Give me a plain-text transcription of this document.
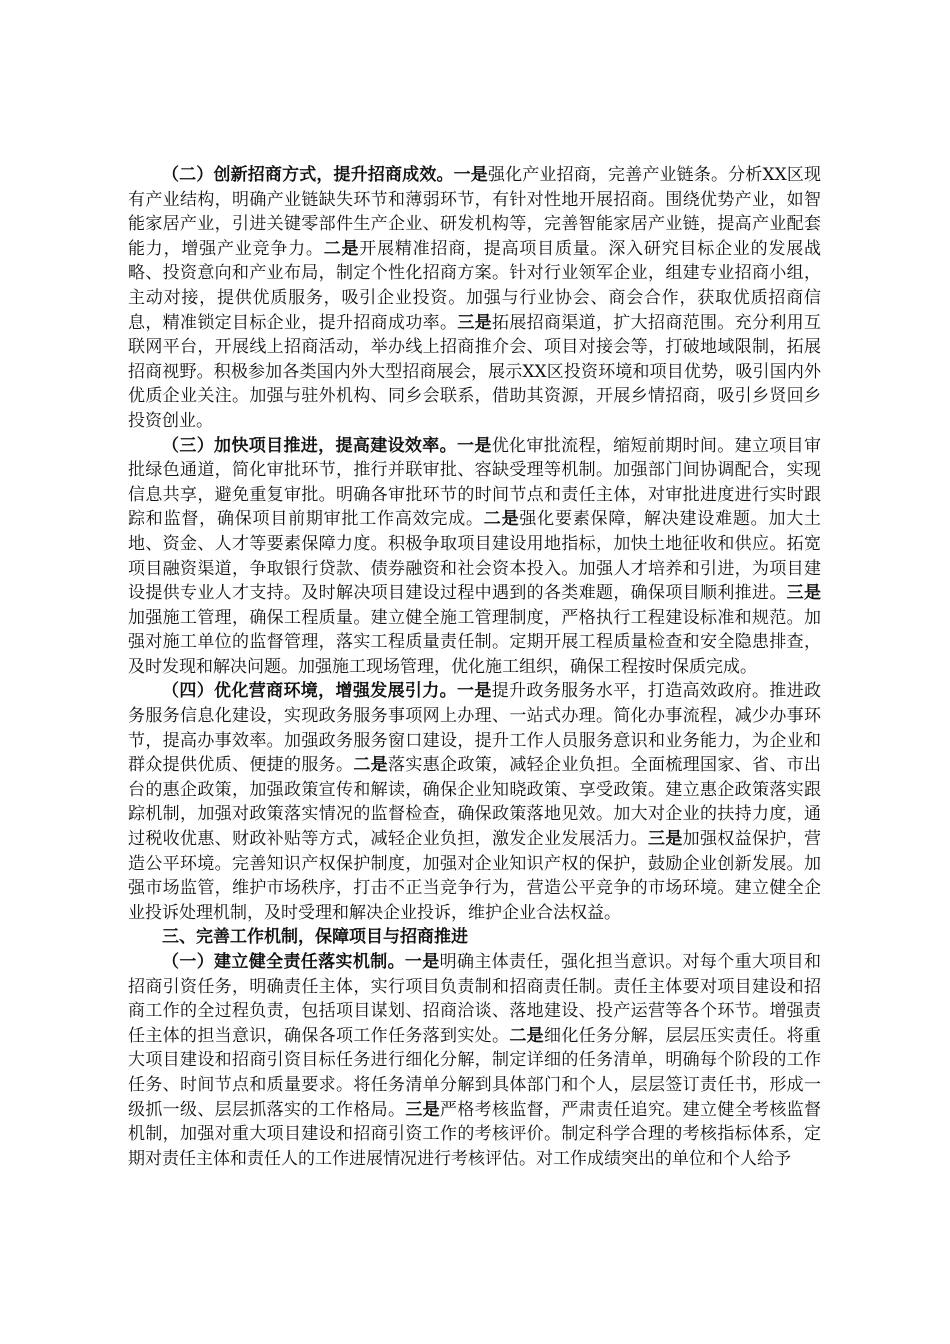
（二）创新招商方式，提升招商成效。一是强化产业招商，完善产业链条。分析XX区现有产业结构，明确产业链缺失环节和薄弱环节，有针对性地开展招商。围绕优势产业，如智能家居产业，引进关键零部件生产企业、研发机构等，完善智能家居产业链，提高产业配套能力，增强产业竞争力。二是开展精准招商，提高项目质量。深入研究目标企业的发展战略、投资意向和产业布局，制定个性化招商方案。针对行业领军企业，组建专业招商小组，主动对接，提供优质服务，吸引企业投资。加强与行业协会、商会合作，获取优质招商信息，精准锁定目标企业，提升招商成功率。三是拓展招商渠道，扩大招商范围。充分利用互联网平台，开展线上招商活动，举办线上招商推介会、项目对接会等，打破地域限制，拓展招商视野。积极参加各类国内外大型招商展会，展示XX区投资环境和项目优势，吸引国内外优质企业关注。加强与驻外机构、同乡会联系，借助其资源，开展乡情招商，吸引乡贤回乡投资创业。

（三）加快项目推进，提高建设效率。一是优化审批流程，缩短前期时间。建立项目审批绿色通道，简化审批环节，推行并联审批、容缺受理等机制。加强部门间协调配合，实现信息共享，避免重复审批。明确各审批环节的时间节点和责任主体，对审批进度进行实时跟踪和监督，确保项目前期审批工作高效完成。二是强化要素保障，解决建设难题。加大土地、资金、人才等要素保障力度。积极争取项目建设用地指标，加快土地征收和供应。拓宽项目融资渠道，争取银行贷款、债券融资和社会资本投入。加强人才培养和引进，为项目建设提供专业人才支持。及时解决项目建设过程中遇到的各类难题，确保项目顺利推进。三是加强施工管理，确保工程质量。建立健全施工管理制度，严格执行工程建设标准和规范。加强对施工单位的监督管理，落实工程质量责任制。定期开展工程质量检查和安全隐患排查，及时发现和解决问题。加强施工现场管理，优化施工组织，确保工程按时保质完成。

（四）优化营商环境，增强发展引力。一是提升政务服务水平，打造高效政府。推进政务服务信息化建设，实现政务服务事项网上办理、一站式办理。简化办事流程，减少办事环节，提高办事效率。加强政务服务窗口建设，提升工作人员服务意识和业务能力，为企业和群众提供优质、便捷的服务。二是落实惠企政策，减轻企业负担。全面梳理国家、省、市出台的惠企政策，加强政策宣传和解读，确保企业知晓政策、享受政策。建立惠企政策落实跟踪机制，加强对政策落实情况的监督检查，确保政策落地见效。加大对企业的扶持力度，通过税收优惠、财政补贴等方式，减轻企业负担，激发企业发展活力。三是加强权益保护，营造公平环境。完善知识产权保护制度，加强对企业知识产权的保护，鼓励企业创新发展。加强市场监管，维护市场秩序，打击不正当竞争行为，营造公平竞争的市场环境。建立健全企业投诉处理机制，及时受理和解决企业投诉，维护企业合法权益。

三、完善工作机制，保障项目与招商推进

（一）建立健全责任落实机制。一是明确主体责任，强化担当意识。对每个重大项目和招商引资任务，明确责任主体，实行项目负责制和招商责任制。责任主体要对项目建设和招商工作的全过程负责，包括项目谋划、招商洽谈、落地建设、投产运营等各个环节。增强责任主体的担当意识，确保各项工作任务落到实处。二是细化任务分解，层层压实责任。将重大项目建设和招商引资目标任务进行细化分解，制定详细的任务清单，明确每个阶段的工作任务、时间节点和质量要求。将任务清单分解到具体部门和个人，层层签订责任书，形成一级抓一级、层层抓落实的工作格局。三是严格考核监督，严肃责任追究。建立健全考核监督机制，加强对重大项目建设和招商引资工作的考核评价。制定科学合理的考核指标体系，定期对责任主体和责任人的工作进展情况进行考核评估。对工作成绩突出的单位和个人给予
